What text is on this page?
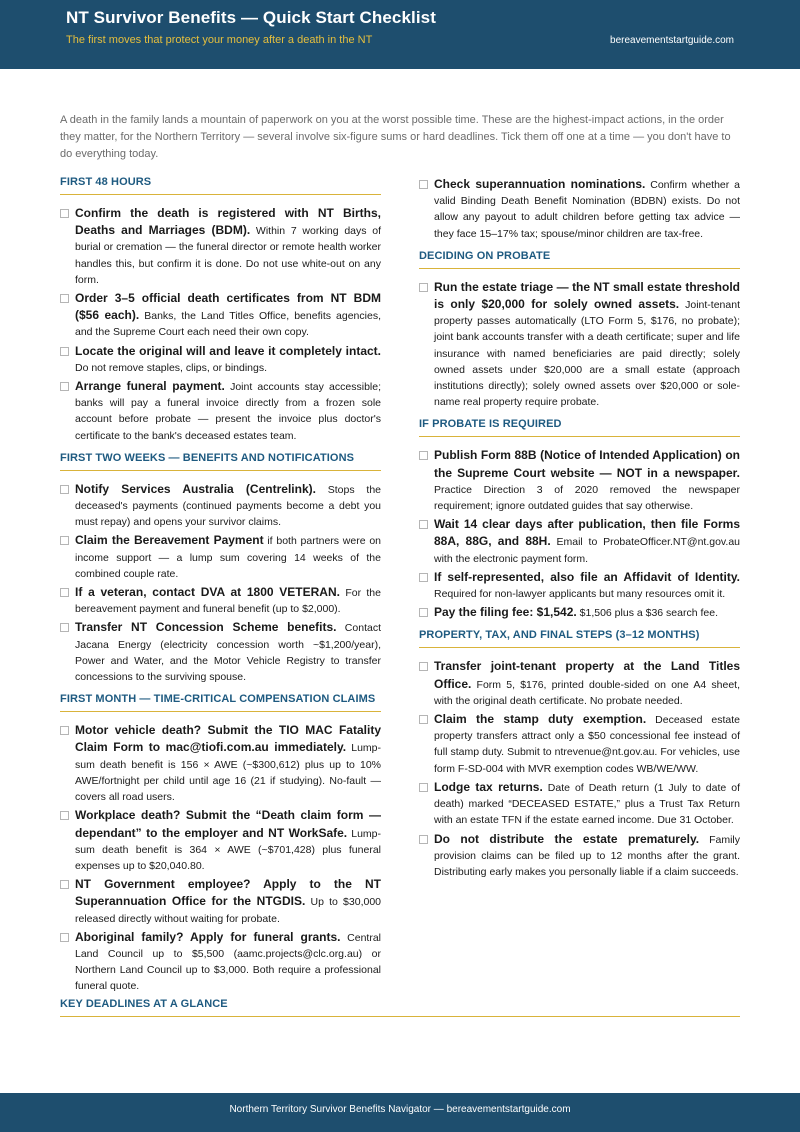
NT Survivor Benefits — Quick Start Checklist
The first moves that protect your money after a death in the NT	bereavementstartguide.com
A death in the family lands a mountain of paperwork on you at the worst possible time. These are the highest-impact actions, in the order they matter, for the Northern Territory — several involve six-figure sums or hard deadlines. Tick them off one at a time — you don't have to do everything today.
FIRST 48 HOURS
Confirm the death is registered with NT Births, Deaths and Marriages (BDM). Within 7 working days of burial or cremation — the funeral director or remote health worker handles this, but confirm it is done. Do not use white-out on any form.
Order 3–5 official death certificates from NT BDM ($56 each). Banks, the Land Titles Office, benefits agencies, and the Supreme Court each need their own copy.
Locate the original will and leave it completely intact. Do not remove staples, clips, or bindings.
Arrange funeral payment. Joint accounts stay accessible; banks will pay a funeral invoice directly from a frozen sole account before probate — present the invoice plus doctor's certificate to the bank's deceased estates team.
FIRST TWO WEEKS — BENEFITS AND NOTIFICATIONS
Notify Services Australia (Centrelink). Stops the deceased's payments (continued payments become a debt you must repay) and opens your survivor claims.
Claim the Bereavement Payment if both partners were on income support — a lump sum covering 14 weeks of the combined couple rate.
If a veteran, contact DVA at 1800 VETERAN. For the bereavement payment and funeral benefit (up to $2,000).
Transfer NT Concession Scheme benefits. Contact Jacana Energy (electricity concession worth ~$1,200/year), Power and Water, and the Motor Vehicle Registry to transfer concessions to the surviving spouse.
FIRST MONTH — TIME-CRITICAL COMPENSATION CLAIMS
Motor vehicle death? Submit the TIO MAC Fatality Claim Form to mac@tiofi.com.au immediately. Lump-sum death benefit is 156 × AWE (~$300,612) plus up to 10% AWE/fortnight per child until age 16 (21 if studying). No-fault — covers all road users.
Workplace death? Submit the “Death claim form — dependant” to the employer and NT WorkSafe. Lump-sum death benefit is 364 × AWE (~$701,428) plus funeral expenses up to $20,040.80.
NT Government employee? Apply to the NT Superannuation Office for the NTGDIS. Up to $30,000 released directly without waiting for probate.
Aboriginal family? Apply for funeral grants. Central Land Council up to $5,500 (aamc.projects@clc.org.au) or Northern Land Council up to $3,000. Both require a professional funeral quote.
Check superannuation nominations. Confirm whether a valid Binding Death Benefit Nomination (BDBN) exists. Do not allow any payout to adult children before getting tax advice — they face 15–17% tax; spouse/minor children are tax-free.
DECIDING ON PROBATE
Run the estate triage — the NT small estate threshold is only $20,000 for solely owned assets. Joint-tenant property passes automatically (LTO Form 5, $176, no probate); joint bank accounts transfer with a death certificate; super and life insurance with named beneficiaries are paid directly; solely owned assets under $20,000 are a small estate (approach institutions directly); solely owned assets over $20,000 or sole-name real property require probate.
IF PROBATE IS REQUIRED
Publish Form 88B (Notice of Intended Application) on the Supreme Court website — NOT in a newspaper. Practice Direction 3 of 2020 removed the newspaper requirement; ignore outdated guides that say otherwise.
Wait 14 clear days after publication, then file Forms 88A, 88G, and 88H. Email to ProbateOfficer.NT@nt.gov.au with the electronic payment form.
If self-represented, also file an Affidavit of Identity. Required for non-lawyer applicants but many resources omit it.
Pay the filing fee: $1,542. $1,506 plus a $36 search fee.
PROPERTY, TAX, AND FINAL STEPS (3–12 MONTHS)
Transfer joint-tenant property at the Land Titles Office. Form 5, $176, printed double-sided on one A4 sheet, with the original death certificate. No probate needed.
Claim the stamp duty exemption. Deceased estate property transfers attract only a $50 concessional fee instead of full stamp duty. Submit to ntrevenue@nt.gov.au. For vehicles, use form F-SD-004 with MVR exemption codes WB/WE/WW.
Lodge tax returns. Date of Death return (1 July to date of death) marked “DECEASED ESTATE,” plus a Trust Tax Return with an estate TFN if the estate earned income. Due 31 October.
Do not distribute the estate prematurely. Family provision claims can be filed up to 12 months after the grant. Distributing early makes you personally liable if a claim succeeds.
KEY DEADLINES AT A GLANCE
Northern Territory Survivor Benefits Navigator — bereavementstartguide.com
